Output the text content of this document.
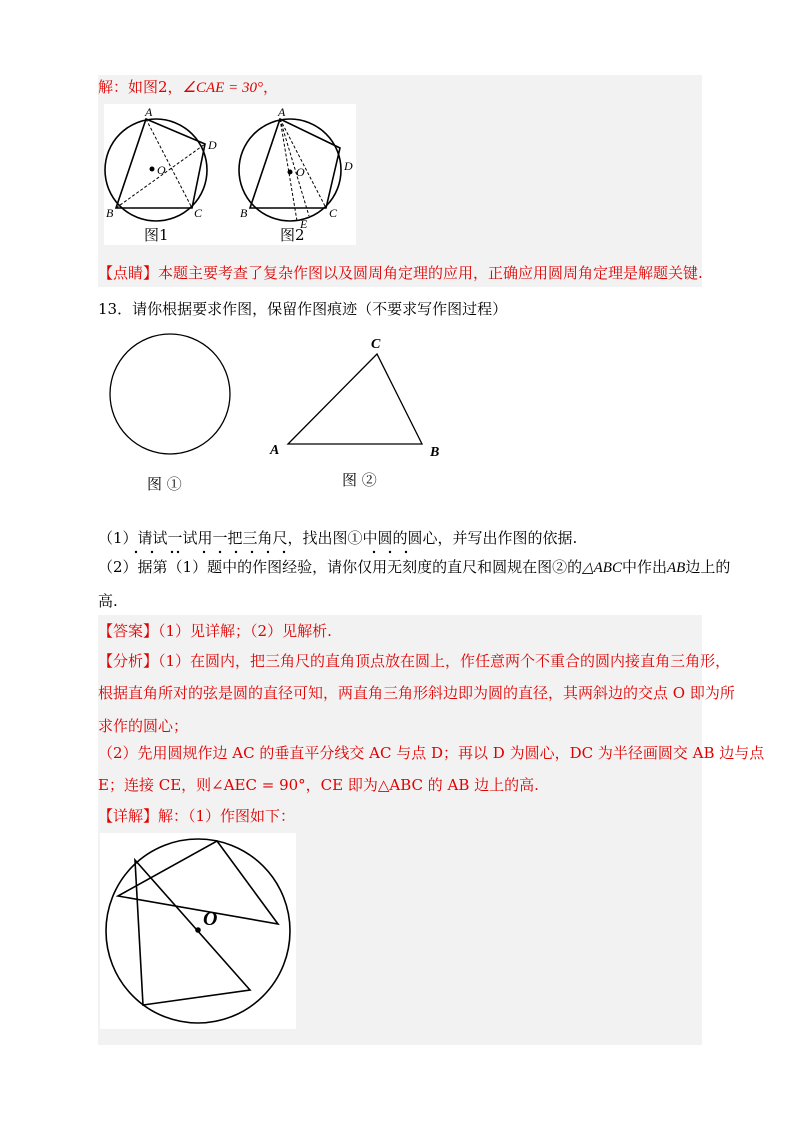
解：如图2，∠CAE = 30°，
A
B	C
D
O
A
B	C
D
O
E
图1	图2
【点睛】本题主要考查了复杂作图以及圆周角定理的应用，正确应用圆周角定理是解题关键.
13．请你根据要求作图，保留作图痕迹（不要求写作图过程）
A	B
C
图 ①	图 ②
（1）请试一试用一把三角尺，找出图①中圆的圆心，并写出作图的依据.
（2）据第（1）题中的作图经验，请你仅用无刻度的直尺和圆规在图②的△ABC中作出AB边上的
高.
【答案】（1）见详解；（2）见解析.
【分析】（1）在圆内，把三角尺的直角顶点放在圆上，作任意两个不重合的圆内接直角三角形，
根据直角所对的弦是圆的直径可知，两直角三角形斜边即为圆的直径，其两斜边的交点 O 即为所
求作的圆心；
（2）先用圆规作边 AC 的垂直平分线交 AC 与点 D；再以 D 为圆心，DC 为半径画圆交 AB 边与点
E；连接 CE，则∠AEC = 90°，CE 即为△ABC 的 AB 边上的高.
【详解】解：（1）作图如下：
O
